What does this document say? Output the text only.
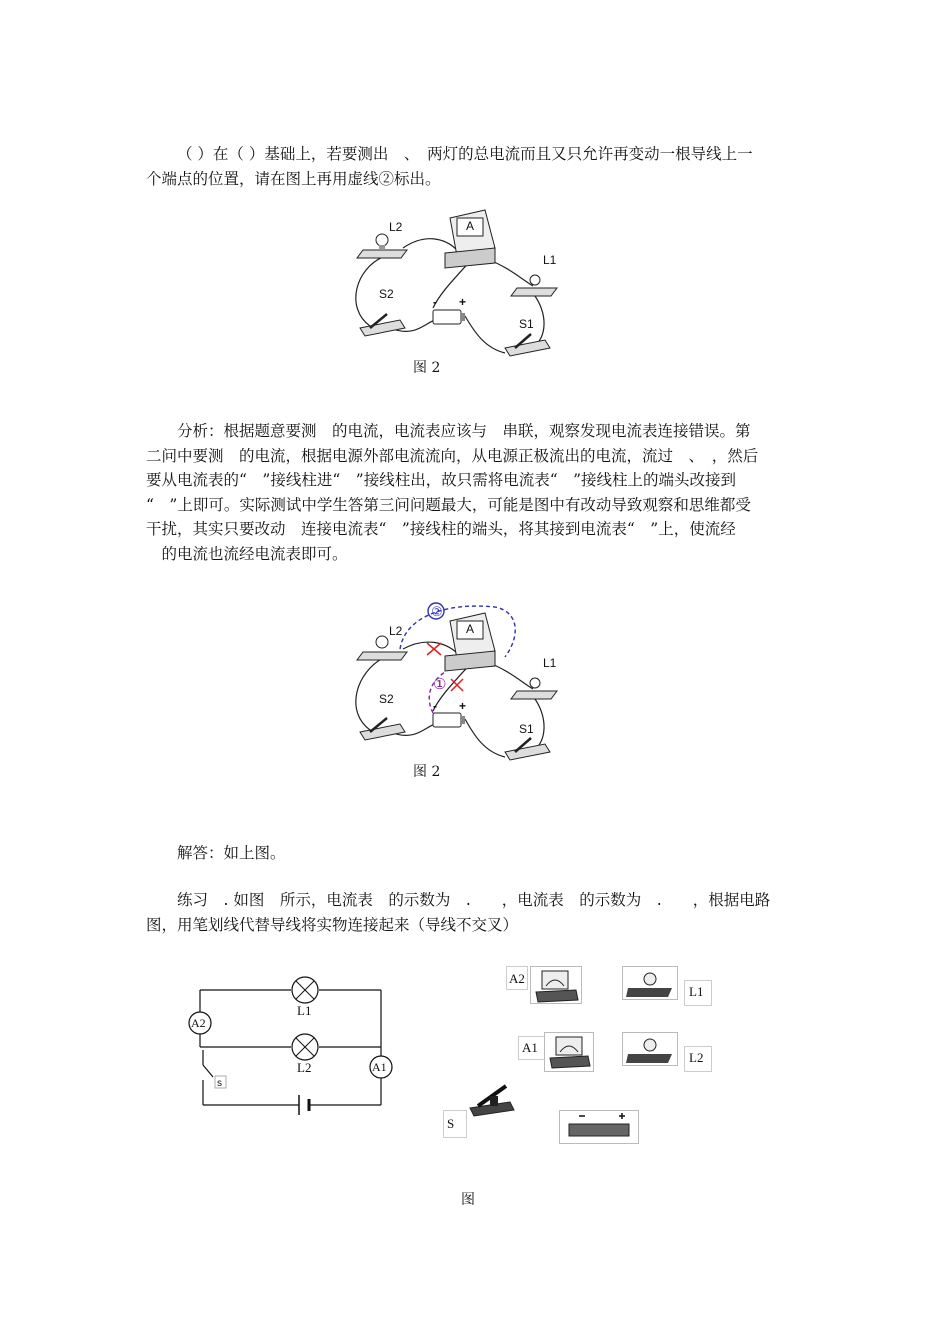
（ ）在（ ）基础上，若要测出　、　两灯的总电流而且又只允许再变动一根导线上一
个端点的位置，请在图上再用虚线②标出。

L2
L1
S2
S1
A
- +
图 2

分析：根据题意要测　的电流，电流表应该与　串联，观察发现电流表连接错误。第
二问中要测　的电流，根据电源外部电流流向，从电源正极流出的电流，流过　、　，然后
要从电流表的“　”接线柱进“　”接线柱出，故只需将电流表“　”接线柱上的端头改接到
“　”上即可。实际测试中学生答第三问问题最大，可能是图中有改动导致观察和思维都受
干扰，其实只要改动　连接电流表“　”接线柱的端头，将其接到电流表“　”上，使流经
　的电流也流经电流表即可。

②
①
L2
L1
S2
S1
A
- +
图 2

解答：如上图。

练习　. 如图　所示，电流表　的示数为　.　　，电流表　的示数为　.　　，根据电路
图，用笔划线代替导线将实物连接起来（导线不交叉）

A2
A1
L1
L2
s
A2
L1
A1
L2
S
图
